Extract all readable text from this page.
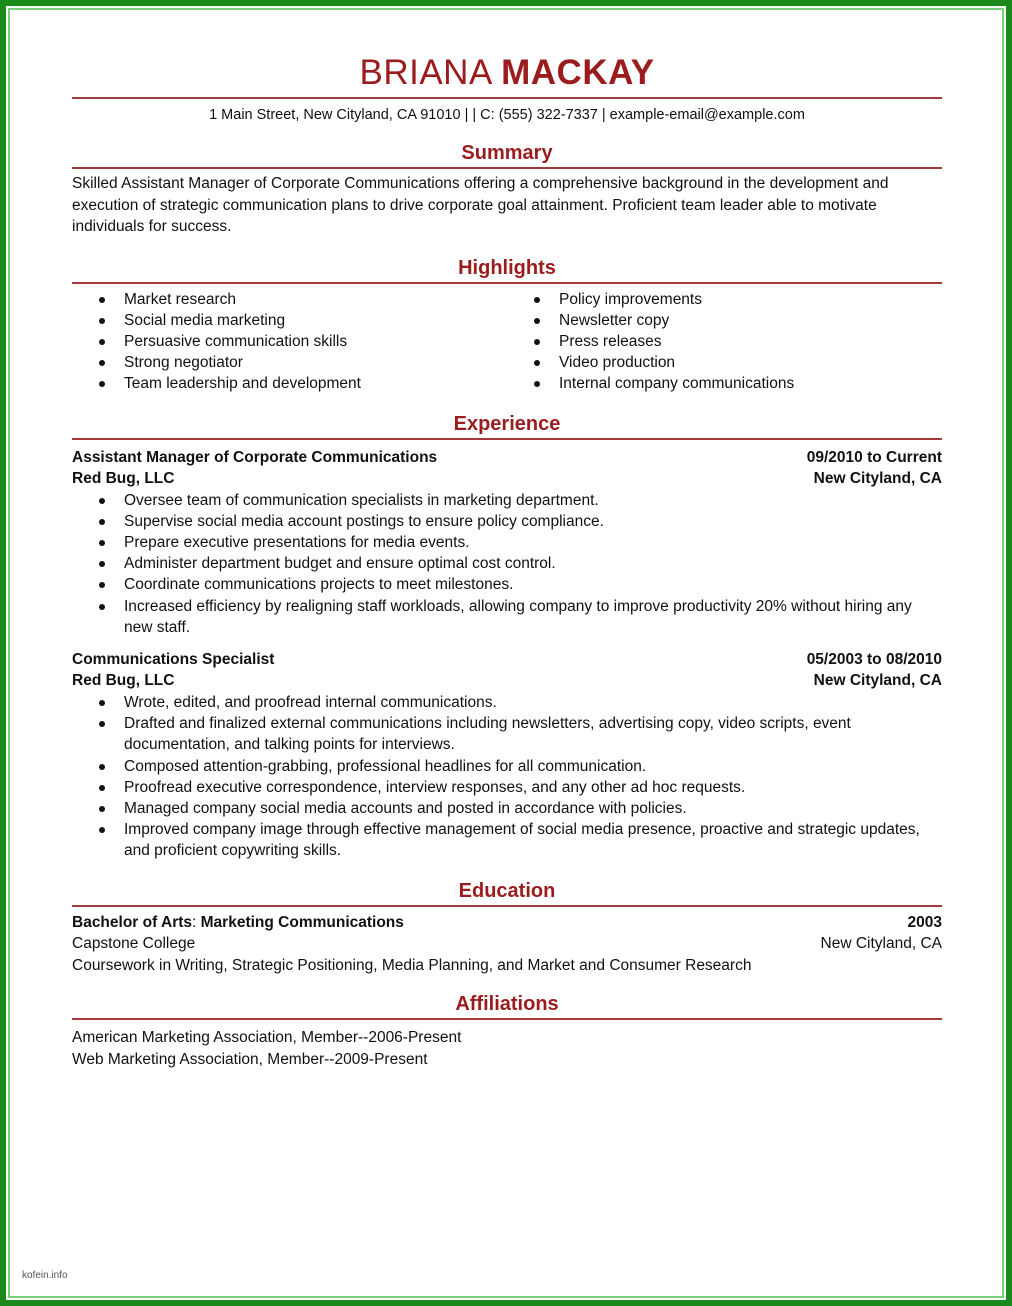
BRIANA MACKAY
1 Main Street, New Cityland, CA 91010 | | C: (555) 322-7337 | example-email@example.com
Summary
Skilled Assistant Manager of Corporate Communications offering a comprehensive background in the development and execution of strategic communication plans to drive corporate goal attainment. Proficient team leader able to motivate individuals for success.
Highlights
Market research
Social media marketing
Persuasive communication skills
Strong negotiator
Team leadership and development
Policy improvements
Newsletter copy
Press releases
Video production
Internal company communications
Experience
Assistant Manager of Corporate Communications	09/2010 to Current
Red Bug, LLC	New Cityland, CA
Oversee team of communication specialists in marketing department.
Supervise social media account postings to ensure policy compliance.
Prepare executive presentations for media events.
Administer department budget and ensure optimal cost control.
Coordinate communications projects to meet milestones.
Increased efficiency by realigning staff workloads, allowing company to improve productivity 20% without hiring any new staff.
Communications Specialist	05/2003 to 08/2010
Red Bug, LLC	New Cityland, CA
Wrote, edited, and proofread internal communications.
Drafted and finalized external communications including newsletters, advertising copy, video scripts, event documentation, and talking points for interviews.
Composed attention-grabbing, professional headlines for all communication.
Proofread executive correspondence, interview responses, and any other ad hoc requests.
Managed company social media accounts and posted in accordance with policies.
Improved company image through effective management of social media presence, proactive and strategic updates, and proficient copywriting skills.
Education
Bachelor of Arts: Marketing Communications	2003
Capstone College	New Cityland, CA
Coursework in Writing, Strategic Positioning, Media Planning, and Market and Consumer Research
Affiliations
American Marketing Association, Member--2006-Present
Web Marketing Association, Member--2009-Present
kofein.info
